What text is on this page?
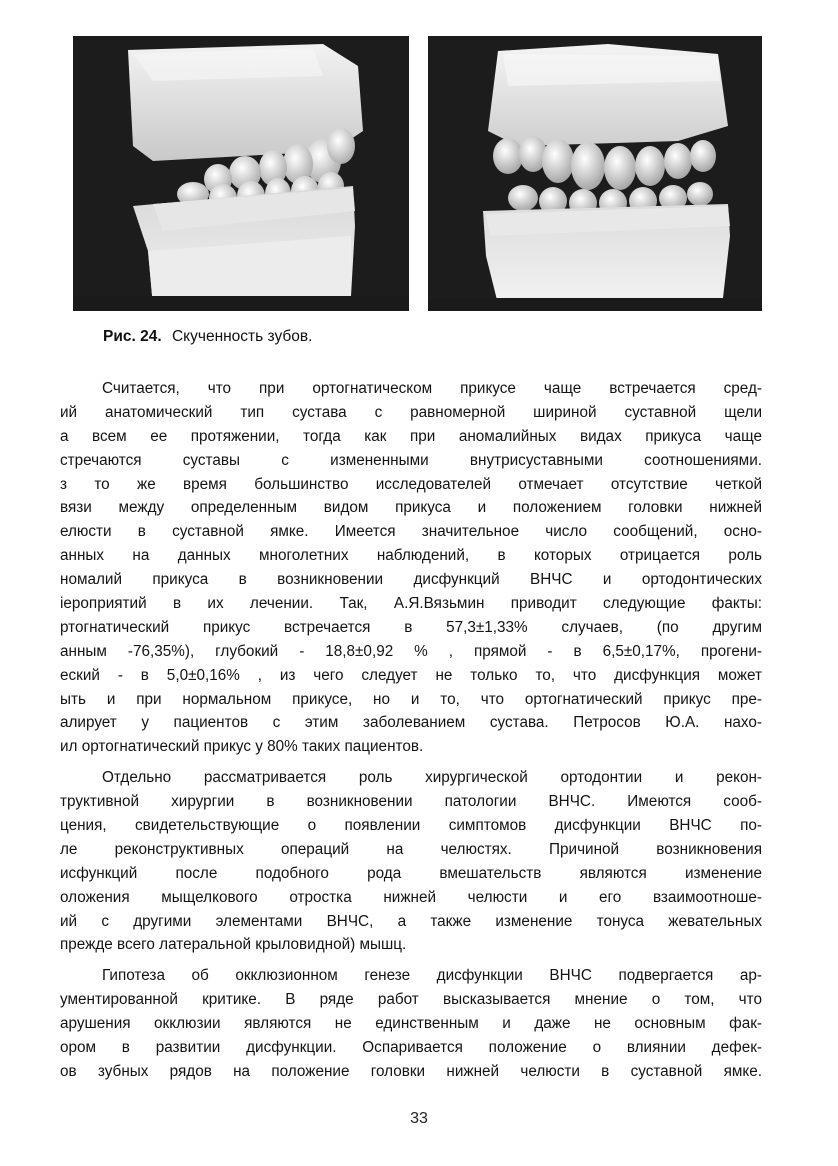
Рис. 24. Скученность зубов.
Считается, что при ортогнатическом прикусе чаще встречается сред-
ий анатомический тип сустава с равномерной шириной суставной щели
а всем ее протяжении, тогда как при аномалийных видах прикуса чаще
стречаются суставы с измененными внутрисуставными соотношениями.
з то же время большинство исследователей отмечает отсутствие четкой
вязи между определенным видом прикуса и положением головки нижней
елюсти в суставной ямке. Имеется значительное число сообщений, осно-
анных на данных многолетних наблюдений, в которых отрицается роль
номалий прикуса в возникновении дисфункций ВНЧС и ортодонтических
іероприятий в их лечении. Так, А.Я.Вязьмин приводит следующие факты:
ртогнатический прикус встречается в 57,3±1,33% случаев, (по другим
анным -76,35%), глубокий - 18,8±0,92 % , прямой - в 6,5±0,17%, прогени-
еский - в 5,0±0,16% , из чего следует не только то, что дисфункция может
ыть и при нормальном прикусе, но и то, что ортогнатический прикус пре-
алирует у пациентов с этим заболеванием сустава. Петросов Ю.А. нахо-
ил ортогнатический прикус у 80% таких пациентов.
Отдельно рассматривается роль хирургической ортодонтии и рекон-
труктивной хирургии в возникновении патологии ВНЧС. Имеются сооб-
цения, свидетельствующие о появлении симптомов дисфункции ВНЧС по-
ле реконструктивных операций на челюстях. Причиной возникновения
исфункций после подобного рода вмешательств являются изменение
оложения мыщелкового отростка нижней челюсти и его взаимоотноше-
ий с другими элементами ВНЧС, а также изменение тонуса жевательных
прежде всего латеральной крыловидной) мышц.
Гипотеза об окклюзионном генезе дисфункции ВНЧС подвергается ар-
ументированной критике. В ряде работ высказывается мнение о том, что
арушения окклюзии являются не единственным и даже не основным фак-
ором в развитии дисфункции. Оспаривается положение о влиянии дефек-
ов зубных рядов на положение головки нижней челюсти в суставной ямке.
33
